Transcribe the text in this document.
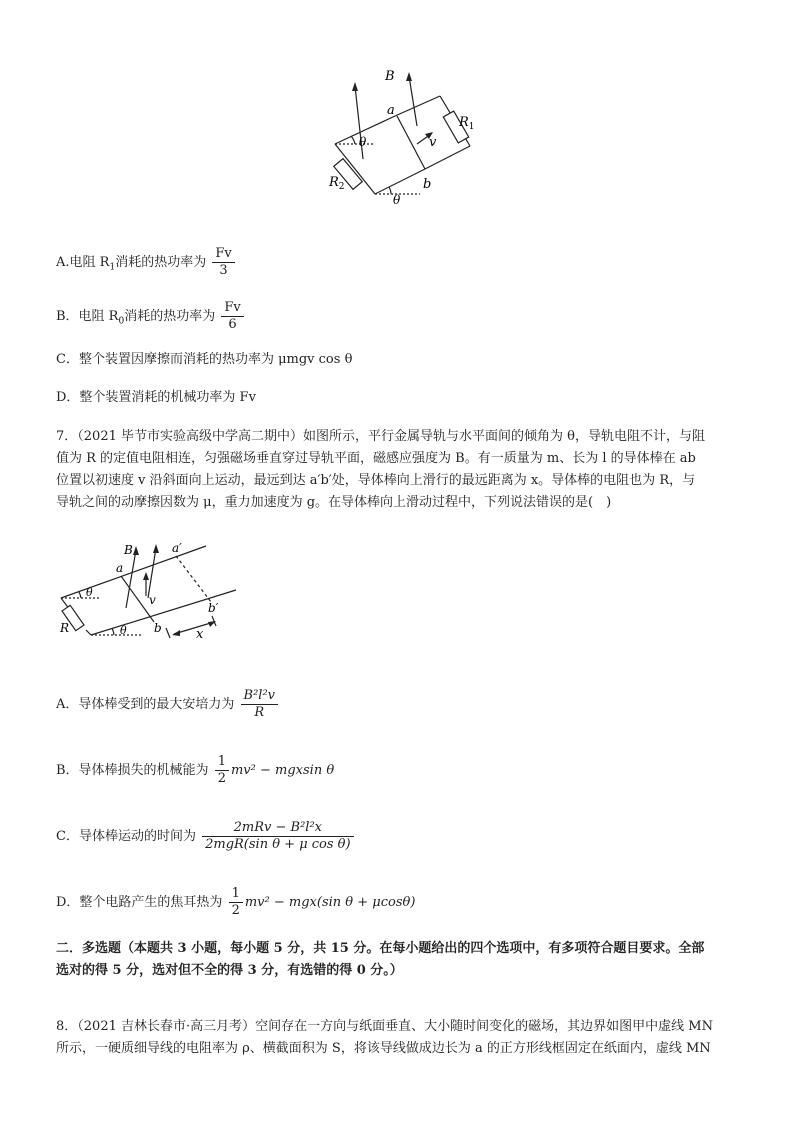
B
a
v
b
θ
θ
$R_1$
$R_2$
A.电阻 $R_1$消耗的热功率为 $\frac{Fv}{3}$
B．电阻 $R_0$消耗的热功率为 $\frac{Fv}{6}$
C．整个装置因摩擦而消耗的热功率为 μmgv cos θ
D．整个装置消耗的机械功率为 Fv
7．（2021 毕节市实验高级中学高二期中）如图所示，平行金属导轨与水平面间的倾角为 θ，导轨电阻不计，与阻
值为 R 的定值电阻相连，匀强磁场垂直穿过导轨平面，磁感应强度为 B。有一质量为 m、长为 l 的导体棒在 ab
位置以初速度 v 沿斜面向上运动，最远到达 a′b′处，导体棒向上滑行的最远距离为 x。导体棒的电阻也为 R，与
导轨之间的动摩擦因数为 μ，重力加速度为 g。在导体棒向上滑动过程中，下列说法错误的是(　)
B
a
a′
v
b
b′
R	x
θ
θ
A．导体棒受到的最大安培力为 $\frac{\text{B²l²v}}{R}$
B．导体棒损失的机械能为 $\frac{1}{2} mv^2 - mgxsin$ θ
C．导体棒运动的时间为 $\frac{\text{2mRv − B²l²x}}{\text{2mgR(sin θ + μ cos θ)}}$
D．整个电路产生的焦耳热为 $\frac{1}{2} mv^2 - mgx(\sin$ θ + μcosθ)
二．多选题（本题共 3 小题，每小题 5 分，共 15 分。在每小题给出的四个选项中，有多项符合题目要求。全部
选对的得 5 分，选对但不全的得 3 分，有选错的得 0 分。）
8．（2021 吉林长春市·高三月考）空间存在一方向与纸面垂直、大小随时间变化的磁场，其边界如图甲中虚线 MN
所示，一硬质细导线的电阻率为 ρ、横截面积为 S，将该导线做成边长为 a 的正方形线框固定在纸面内，虚线 MN
